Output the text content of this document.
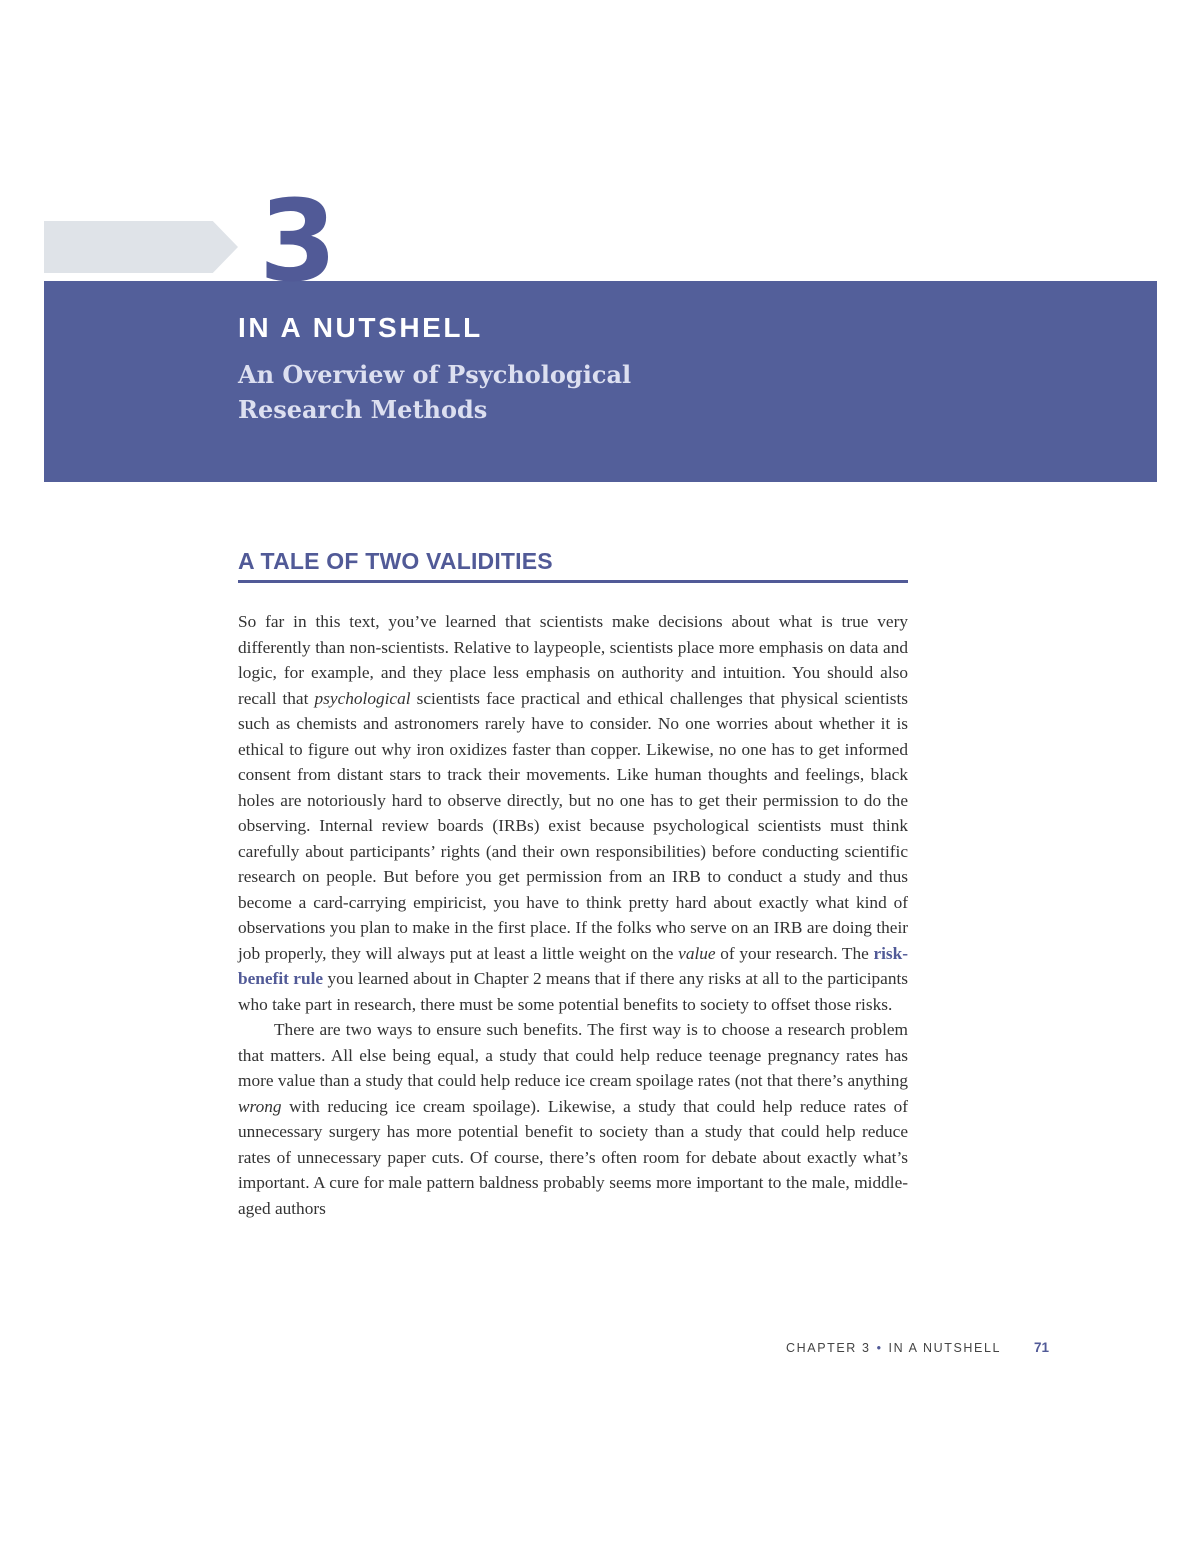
3
IN A NUTSHELL
An Overview of Psychological
Research Methods
A TALE OF TWO VALIDITIES

So far in this text, you’ve learned that scientists make decisions about what is true very differently than non-scientists. Relative to laypeople, scientists place more emphasis on data and logic, for example, and they place less emphasis on authority and intuition. You should also recall that psychological scientists face practical and ethical challenges that physical scientists such as chemists and astronomers rarely have to consider. No one worries about whether it is ethical to figure out why iron oxidizes faster than copper. Likewise, no one has to get informed consent from distant stars to track their movements. Like human thoughts and feelings, black holes are notoriously hard to observe directly, but no one has to get their permission to do the observing. Internal review boards (IRBs) exist because psychological scientists must think carefully about participants’ rights (and their own responsibilities) before conducting scientific research on people. But before you get permission from an IRB to conduct a study and thus become a card-carrying empiricist, you have to think pretty hard about exactly what kind of observations you plan to make in the first place. If the folks who serve on an IRB are doing their job properly, they will always put at least a little weight on the value of your research. The risk-benefit rule you learned about in Chapter 2 means that if there any risks at all to the participants who take part in research, there must be some potential benefits to society to offset those risks.

There are two ways to ensure such benefits. The first way is to choose a research problem that matters. All else being equal, a study that could help reduce teenage pregnancy rates has more value than a study that could help reduce ice cream spoilage rates (not that there’s anything wrong with reducing ice cream spoilage). Likewise, a study that could help reduce rates of unnecessary surgery has more potential benefit to society than a study that could help reduce rates of unnecessary paper cuts. Of course, there’s often room for debate about exactly what’s important. A cure for male pattern baldness probably seems more important to the male, middle-aged authors

CHAPTER 3 • IN A NUTSHELL 71
